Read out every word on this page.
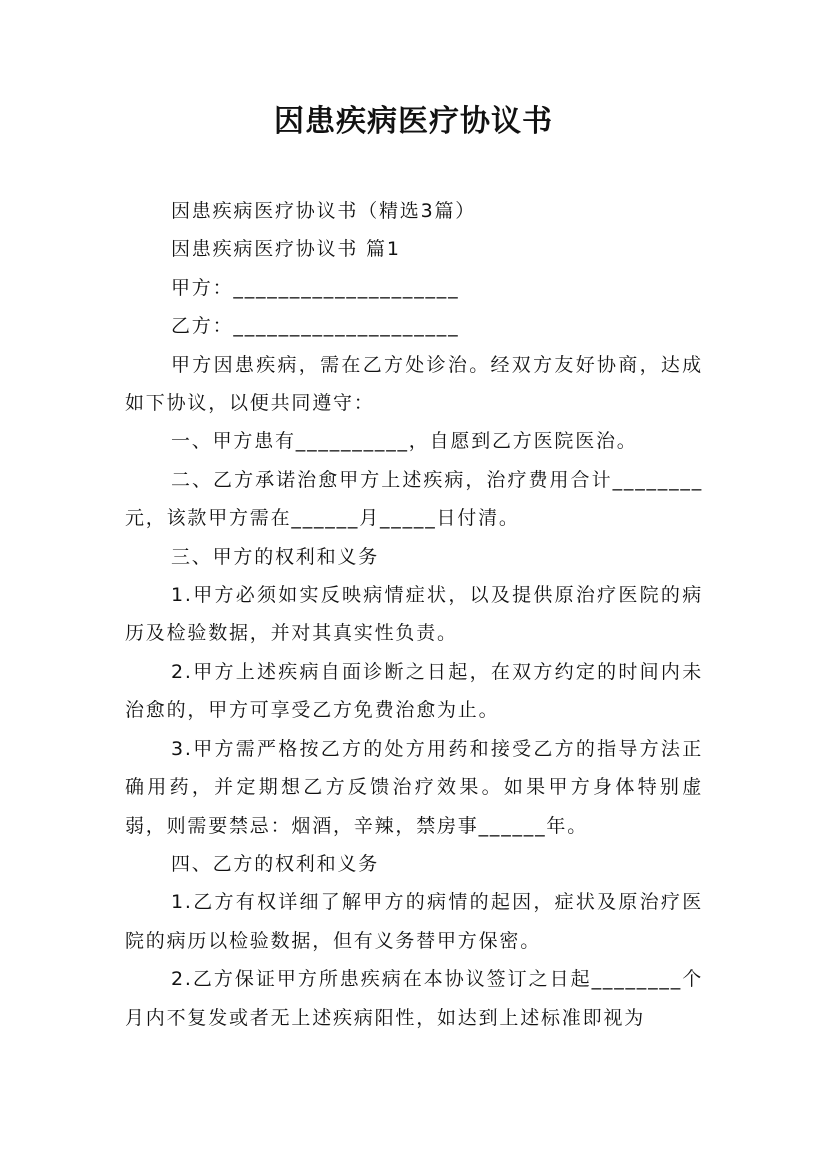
因患疾病医疗协议书

因患疾病医疗协议书（精选3篇）

因患疾病医疗协议书 篇1

甲方：____________________

乙方：____________________

甲方因患疾病，需在乙方处诊治。经双方友好协商，达成如下协议，以便共同遵守：

一、甲方患有__________，自愿到乙方医院医治。

二、乙方承诺治愈甲方上述疾病，治疗费用合计________元，该款甲方需在______月_____日付清。

三、甲方的权利和义务

1.甲方必须如实反映病情症状，以及提供原治疗医院的病历及检验数据，并对其真实性负责。

2.甲方上述疾病自面诊断之日起，在双方约定的时间内未治愈的，甲方可享受乙方免费治愈为止。

3.甲方需严格按乙方的处方用药和接受乙方的指导方法正确用药，并定期想乙方反馈治疗效果。如果甲方身体特别虚弱，则需要禁忌：烟酒，辛辣，禁房事______年。

四、乙方的权利和义务

1.乙方有权详细了解甲方的病情的起因，症状及原治疗医院的病历以检验数据，但有义务替甲方保密。

2.乙方保证甲方所患疾病在本协议签订之日起________个月内不复发或者无上述疾病阳性，如达到上述标准即视为
